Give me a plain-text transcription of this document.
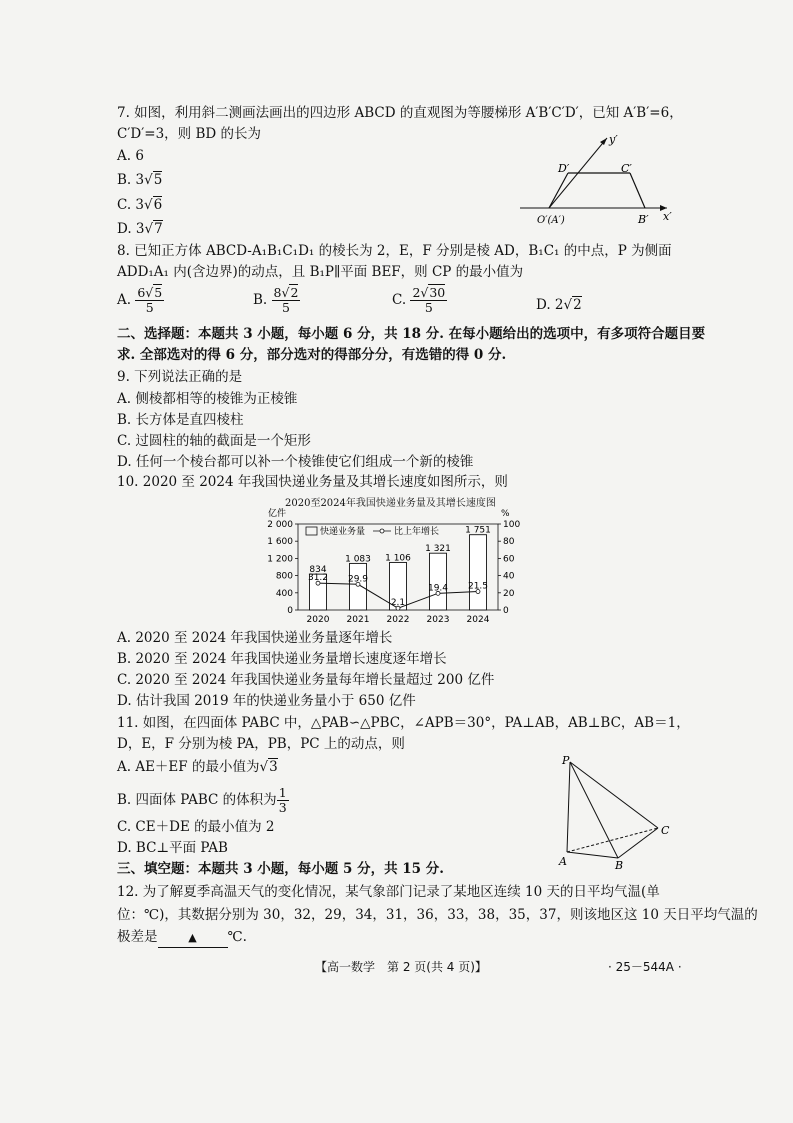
7. 如图，利用斜二测画法画出的四边形 ABCD 的直观图为等腰梯形 A′B′C′D′，已知 A′B′=6，
C′D′=3，则 BD 的长为
A. 6
B. 3√5
C. 3√6
D. 3√7
y′
x′
D′	C′
O′(A′)	B′
8. 已知正方体 ABCD-A₁B₁C₁D₁ 的棱长为 2，E，F 分别是棱 AD，B₁C₁ 的中点，P 为侧面
ADD₁A₁ 内(含边界)的动点，且 B₁P∥平面 BEF，则 CP 的最小值为
A. $\frac{6√5}{5}$	B. $\frac{8√2}{5}$	C. $\frac{2√30}{5}$	D. 2√2
二、选择题：本题共 3 小题，每小题 6 分，共 18 分. 在每小题给出的选项中，有多项符合题目要
求. 全部选对的得 6 分，部分选对的得部分分，有选错的得 0 分.
9. 下列说法正确的是
A. 侧棱都相等的棱锥为正棱锥
B. 长方体是直四棱柱
C. 过圆柱的轴的截面是一个矩形
D. 任何一个棱台都可以补一个棱锥使它们组成一个新的棱锥
10. 2020 至 2024 年我国快递业务量及其增长速度如图所示，则
2020至2024年我国快递业务量及其增长速度图
亿件	%
0
400
800
1 200
1 600
2 000
0
20
40
60
80
100
2020 2021 2022 2023 2024
834
1 083 1 106
1 321
1 751
31.2 29.9
2.1
19.4 21.5
快递业务量	比上年增长
A. 2020 至 2024 年我国快递业务量逐年增长
B. 2020 至 2024 年我国快递业务量增长速度逐年增长
C. 2020 至 2024 年我国快递业务量每年增长量超过 200 亿件
D. 估计我国 2019 年的快递业务量小于 650 亿件
11. 如图，在四面体 PABC 中，△PAB∽△PBC，∠APB＝30°，PA⊥AB，AB⊥BC，AB＝1，
D，E，F 分别为棱 PA，PB，PC 上的动点，则
A. AE＋EF 的最小值为√3
B. 四面体 PABC 的体积为 $\frac{1}{3}$
C. CE＋DE 的最小值为 2
D. BC⊥平面 PAB
P
A	B
C
三、填空题：本题共 3 小题，每小题 5 分，共 15 分.
12. 为了解夏季高温天气的变化情况，某气象部门记录了某地区连续 10 天的日平均气温(单
位：℃)，其数据分别为 30，32，29，34，31，36，33，38，35，37，则该地区这 10 天日平均气温的
极差是	▲ ℃.
【高一数学　第 2 页(共 4 页)】	· 25－544A ·
